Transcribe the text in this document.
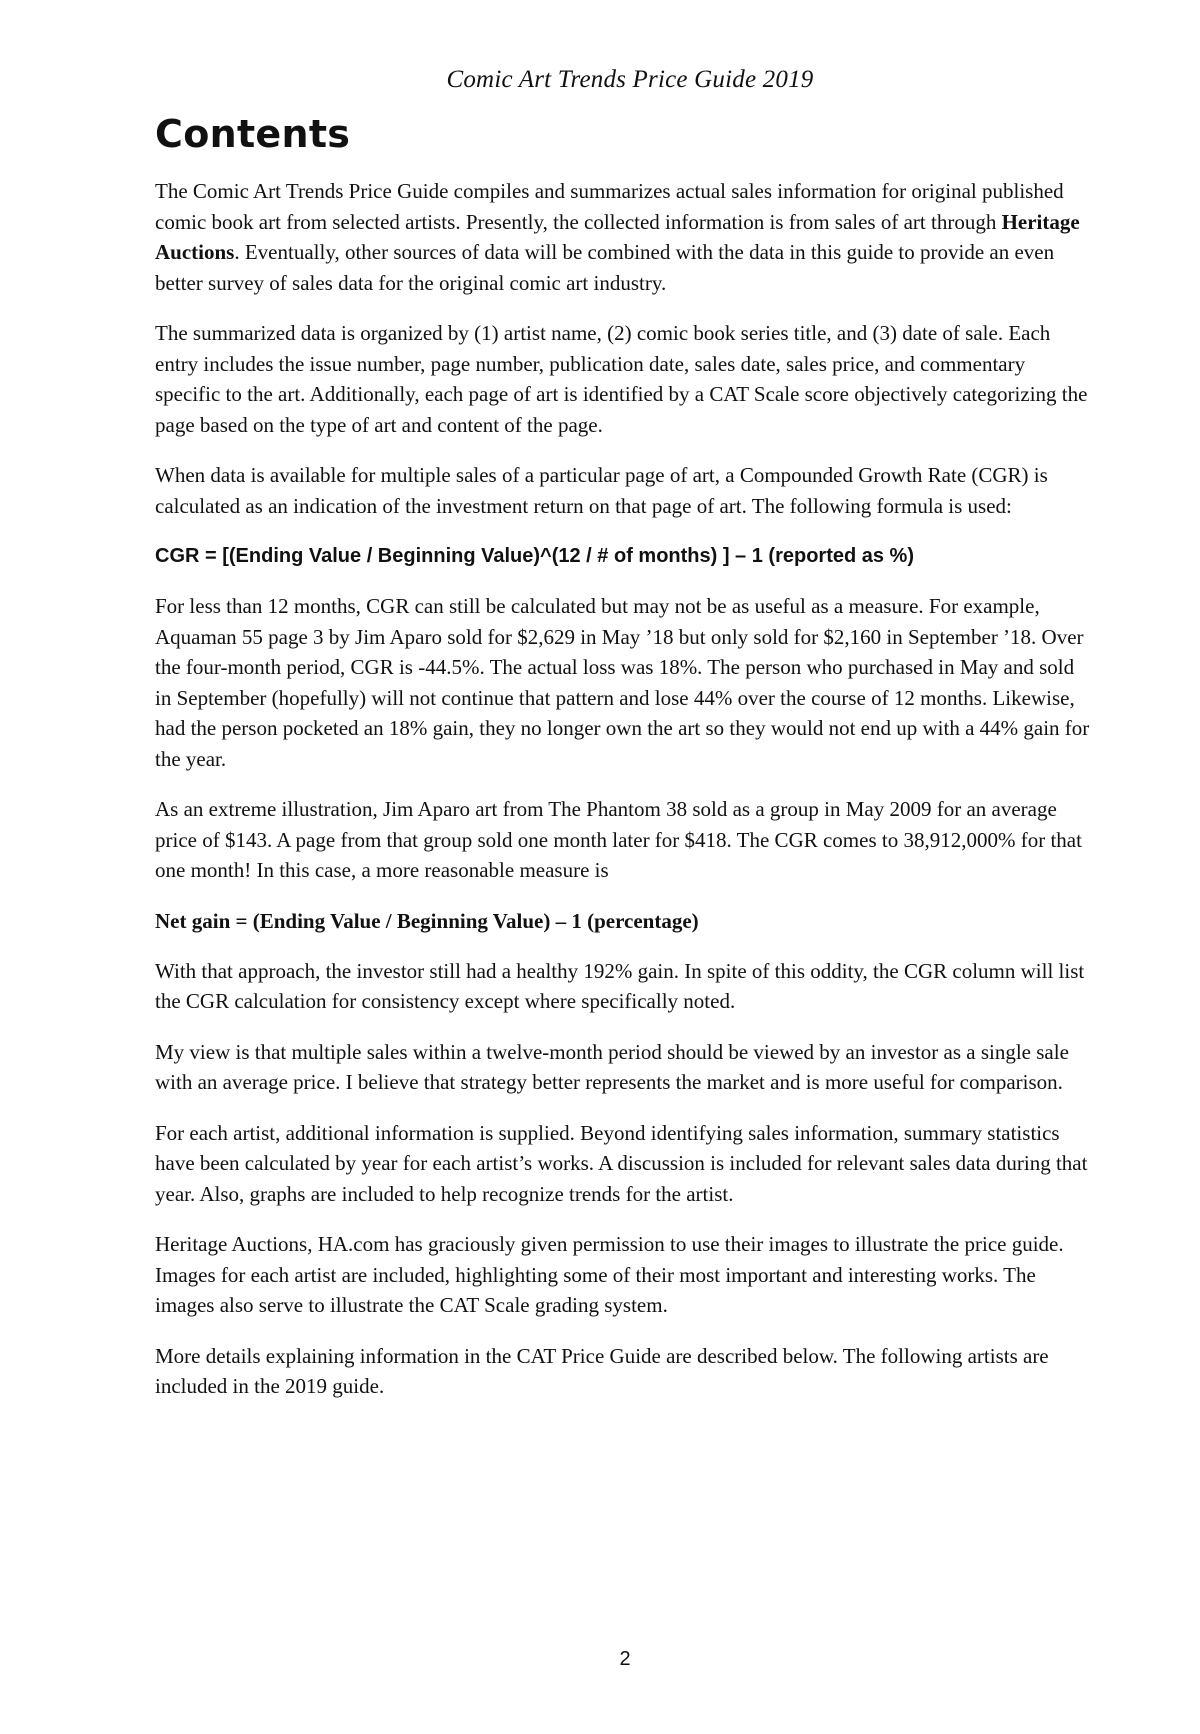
Comic Art Trends Price Guide 2019
Contents

The Comic Art Trends Price Guide compiles and summarizes actual sales information for original published comic book art from selected artists. Presently, the collected information is from sales of art through Heritage Auctions. Eventually, other sources of data will be combined with the data in this guide to provide an even better survey of sales data for the original comic art industry.

The summarized data is organized by (1) artist name, (2) comic book series title, and (3) date of sale. Each entry includes the issue number, page number, publication date, sales date, sales price, and commentary specific to the art. Additionally, each page of art is identified by a CAT Scale score objectively categorizing the page based on the type of art and content of the page.

When data is available for multiple sales of a particular page of art, a Compounded Growth Rate (CGR) is calculated as an indication of the investment return on that page of art. The following formula is used:

CGR = [(Ending Value / Beginning Value)^(12 / # of months) ] – 1 (reported as %)

For less than 12 months, CGR can still be calculated but may not be as useful as a measure. For example, Aquaman 55 page 3 by Jim Aparo sold for $2,629 in May ’18 but only sold for $2,160 in September ’18. Over the four-month period, CGR is -44.5%. The actual loss was 18%. The person who purchased in May and sold in September (hopefully) will not continue that pattern and lose 44% over the course of 12 months. Likewise, had the person pocketed an 18% gain, they no longer own the art so they would not end up with a 44% gain for the year.

As an extreme illustration, Jim Aparo art from The Phantom 38 sold as a group in May 2009 for an average price of $143. A page from that group sold one month later for $418. The CGR comes to 38,912,000% for that one month! In this case, a more reasonable measure is

Net gain = (Ending Value / Beginning Value) – 1 (percentage)

With that approach, the investor still had a healthy 192% gain. In spite of this oddity, the CGR column will list the CGR calculation for consistency except where specifically noted.

My view is that multiple sales within a twelve-month period should be viewed by an investor as a single sale with an average price. I believe that strategy better represents the market and is more useful for comparison.

For each artist, additional information is supplied. Beyond identifying sales information, summary statistics have been calculated by year for each artist’s works. A discussion is included for relevant sales data during that year. Also, graphs are included to help recognize trends for the artist.

Heritage Auctions, HA.com has graciously given permission to use their images to illustrate the price guide. Images for each artist are included, highlighting some of their most important and interesting works. The images also serve to illustrate the CAT Scale grading system.

More details explaining information in the CAT Price Guide are described below. The following artists are included in the 2019 guide.

2
